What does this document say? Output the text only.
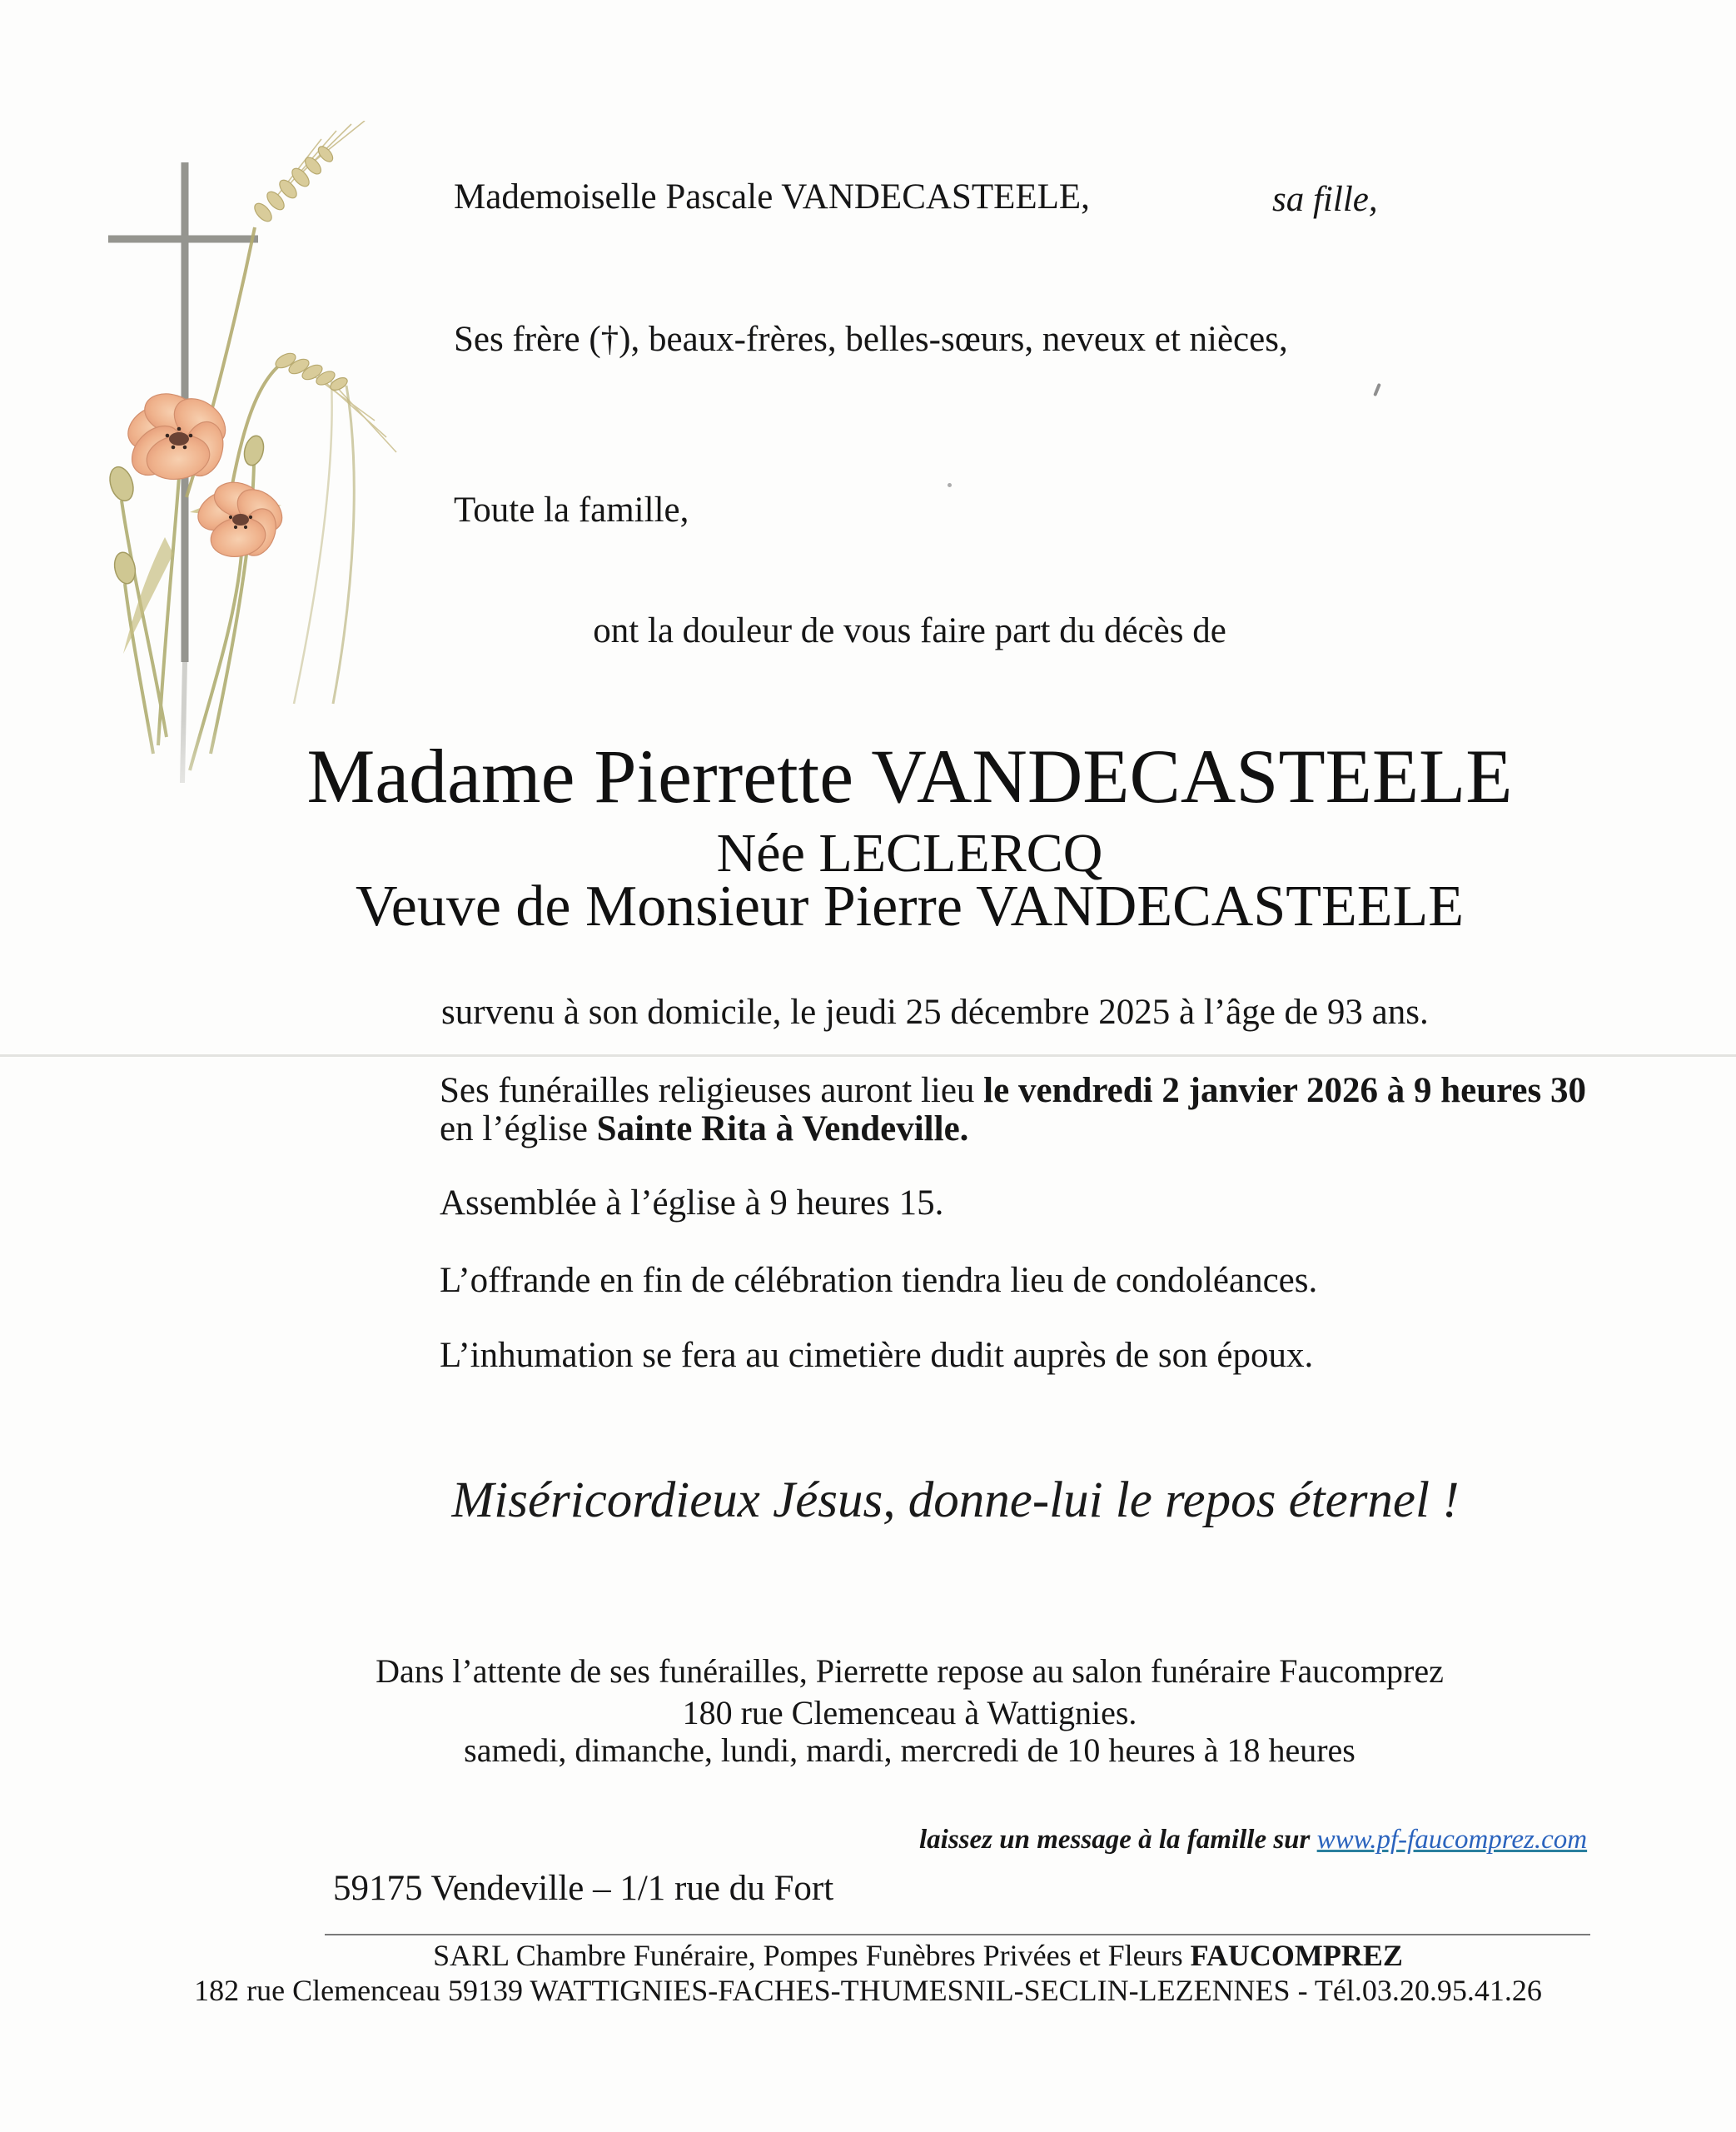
Mademoiselle Pascale VANDECASTEELE,	sa fille,
Ses frère (†), beaux-frères, belles-sœurs, neveux et nièces,
Toute la famille,
ont la douleur de vous faire part du décès de
Madame Pierrette VANDECASTEELE
Née LECLERCQ
Veuve de Monsieur Pierre VANDECASTEELE
survenu à son domicile, le jeudi 25 décembre 2025 à l’âge de 93 ans.
Ses funérailles religieuses auront lieu le vendredi 2 janvier 2026 à 9 heures 30
en l’église Sainte Rita à Vendeville.
Assemblée à l’église à 9 heures 15.
L’offrande en fin de célébration tiendra lieu de condoléances.
L’inhumation se fera au cimetière dudit auprès de son époux.
Miséricordieux Jésus, donne-lui le repos éternel !
Dans l’attente de ses funérailles, Pierrette repose au salon funéraire Faucomprez
180 rue Clemenceau à Wattignies.
samedi, dimanche, lundi, mardi, mercredi de 10 heures à 18 heures
laissez un message à la famille sur www.pf-faucomprez.com
59175 Vendeville – 1/1 rue du Fort
SARL Chambre Funéraire, Pompes Funèbres Privées et Fleurs FAUCOMPREZ
182 rue Clemenceau 59139 WATTIGNIES-FACHES-THUMESNIL-SECLIN-LEZENNES - Tél.03.20.95.41.26
